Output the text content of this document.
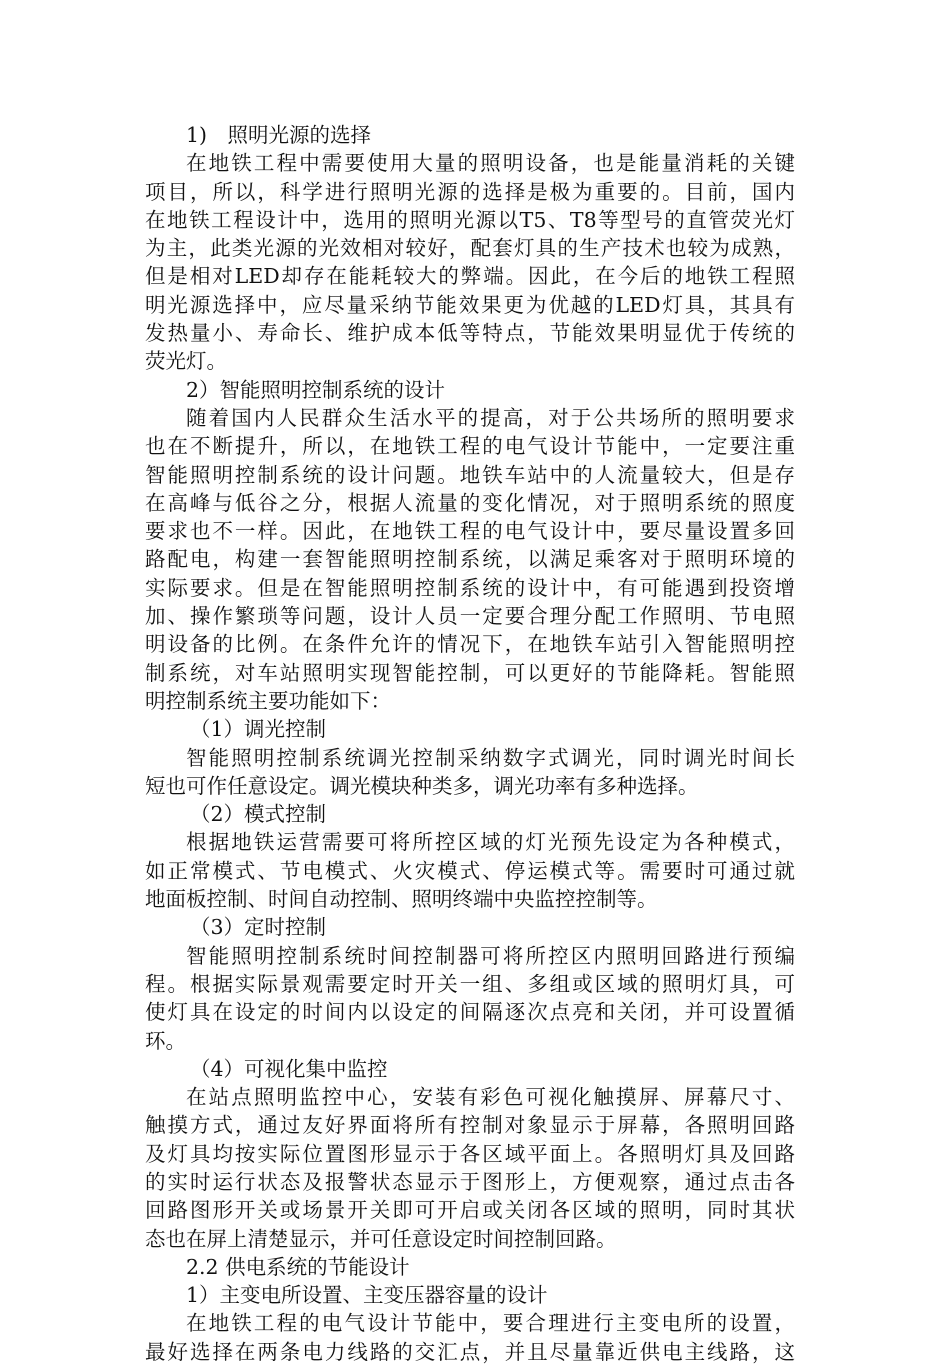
1)　照明光源的选择
在地铁工程中需要使用大量的照明设备，也是能量消耗的关键
项目，所以，科学进行照明光源的选择是极为重要的。目前，国内
在地铁工程设计中，选用的照明光源以T5、T8等型号的直管荧光灯
为主，此类光源的光效相对较好，配套灯具的生产技术也较为成熟，
但是相对LED却存在能耗较大的弊端。因此，在今后的地铁工程照
明光源选择中，应尽量采纳节能效果更为优越的LED灯具，其具有
发热量小、寿命长、维护成本低等特点，节能效果明显优于传统的
荧光灯。
2）智能照明控制系统的设计
随着国内人民群众生活水平的提高，对于公共场所的照明要求
也在不断提升，所以，在地铁工程的电气设计节能中，一定要注重
智能照明控制系统的设计问题。地铁车站中的人流量较大，但是存
在高峰与低谷之分，根据人流量的变化情况，对于照明系统的照度
要求也不一样。因此，在地铁工程的电气设计中，要尽量设置多回
路配电，构建一套智能照明控制系统，以满足乘客对于照明环境的
实际要求。但是在智能照明控制系统的设计中，有可能遇到投资增
加、操作繁琐等问题，设计人员一定要合理分配工作照明、节电照
明设备的比例。在条件允许的情况下，在地铁车站引入智能照明控
制系统，对车站照明实现智能控制，可以更好的节能降耗。智能照
明控制系统主要功能如下：
（1）调光控制
智能照明控制系统调光控制采纳数字式调光，同时调光时间长
短也可作任意设定。调光模块种类多，调光功率有多种选择。
（2）模式控制
根据地铁运营需要可将所控区域的灯光预先设定为各种模式，
如正常模式、节电模式、火灾模式、停运模式等。需要时可通过就
地面板控制、时间自动控制、照明终端中央监控控制等。
（3）定时控制
智能照明控制系统时间控制器可将所控区内照明回路进行预编
程。根据实际景观需要定时开关一组、多组或区域的照明灯具，可
使灯具在设定的时间内以设定的间隔逐次点亮和关闭，并可设置循
环。
（4）可视化集中监控
在站点照明监控中心，安装有彩色可视化触摸屏、屏幕尺寸、
触摸方式，通过友好界面将所有控制对象显示于屏幕，各照明回路
及灯具均按实际位置图形显示于各区域平面上。各照明灯具及回路
的实时运行状态及报警状态显示于图形上，方便观察，通过点击各
回路图形开关或场景开关即可开启或关闭各区域的照明，同时其状
态也在屏上清楚显示，并可任意设定时间控制回路。
2.2 供电系统的节能设计
1）主变电所设置、主变压器容量的设计
在地铁工程的电气设计节能中，要合理进行主变电所的设置，
最好选择在两条电力线路的交汇点，并且尽量靠近供电主线路，这
